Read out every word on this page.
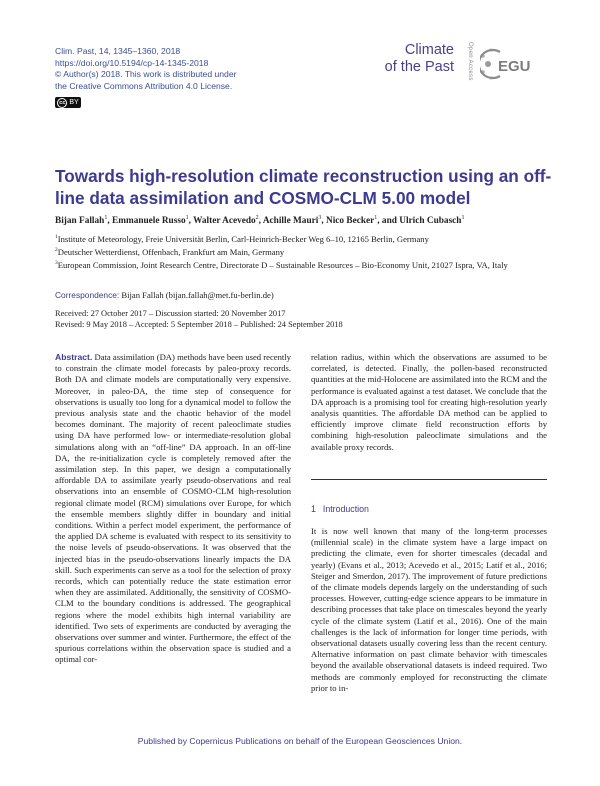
Clim. Past, 14, 1345–1360, 2018
https://doi.org/10.5194/cp-14-1345-2018
© Author(s) 2018. This work is distributed under
the Creative Commons Attribution 4.0 License.
cc BY
Climate
of the Past Open Access EGU
Towards high-resolution climate reconstruction using an off-line data assimilation and COSMO-CLM 5.00 model
Bijan Fallah$^1$, Emmanuele Russo$^1$, Walter Acevedo$^2$, Achille Mauri$^3$, Nico Becker$^1$, and Ulrich Cubasch$^1$
$^1$Institute of Meteorology, Freie Universität Berlin, Carl-Heinrich-Becker Weg 6–10, 12165 Berlin, Germany
$^2$Deutscher Wetterdienst, Offenbach, Frankfurt am Main, Germany
$^3$European Commission, Joint Research Centre, Directorate D – Sustainable Resources – Bio-Economy Unit, 21027 Ispra, VA, Italy
Correspondence: Bijan Fallah (bijan.fallah@met.fu-berlin.de)
Received: 27 October 2017 – Discussion started: 20 November 2017
Revised: 9 May 2018 – Accepted: 5 September 2018 – Published: 24 September 2018
Abstract. Data assimilation (DA) methods have been used recently to constrain the climate model forecasts by paleo-proxy records. Both DA and climate models are computationally very expensive. Moreover, in paleo-DA, the time step of consequence for observations is usually too long for a dynamical model to follow the previous analysis state and the chaotic behavior of the model becomes dominant. The majority of recent paleoclimate studies using DA have performed low- or intermediate-resolution global simulations along with an “off-line” DA approach. In an off-line DA, the re-initialization cycle is completely removed after the assimilation step. In this paper, we design a computationally affordable DA to assimilate yearly pseudo-observations and real observations into an ensemble of COSMO-CLM high-resolution regional climate model (RCM) simulations over Europe, for which the ensemble members slightly differ in boundary and initial conditions. Within a perfect model experiment, the performance of the applied DA scheme is evaluated with respect to its sensitivity to the noise levels of pseudo-observations. It was observed that the injected bias in the pseudo-observations linearly impacts the DA skill. Such experiments can serve as a tool for the selection of proxy records, which can potentially reduce the state estimation error when they are assimilated. Additionally, the sensitivity of COSMO-CLM to the boundary conditions is addressed. The geographical regions where the model exhibits high internal variability are identified. Two sets of experiments are conducted by averaging the observations over summer and winter. Furthermore, the effect of the spurious correlations within the observation space is studied and a optimal cor-
relation radius, within which the observations are assumed to be correlated, is detected. Finally, the pollen-based reconstructed quantities at the mid-Holocene are assimilated into the RCM and the performance is evaluated against a test dataset. We conclude that the DA approach is a promising tool for creating high-resolution yearly analysis quantities. The affordable DA method can be applied to efficiently improve climate field reconstruction efforts by combining high-resolution paleoclimate simulations and the available proxy records.
1 Introduction
It is now well known that many of the long-term processes (millennial scale) in the climate system have a large impact on predicting the climate, even for shorter timescales (decadal and yearly) (Evans et al., 2013; Acevedo et al., 2015; Latif et al., 2016; Steiger and Smerdon, 2017). The improvement of future predictions of the climate models depends largely on the understanding of such processes. However, cutting-edge science appears to be immature in describing processes that take place on timescales beyond the yearly cycle of the climate system (Latif et al., 2016). One of the main challenges is the lack of information for longer time periods, with observational datasets usually covering less than the recent century. Alternative information on past climate behavior with timescales beyond the available observational datasets is indeed required. Two methods are commonly employed for reconstructing the climate prior to in-
Published by Copernicus Publications on behalf of the European Geosciences Union.
